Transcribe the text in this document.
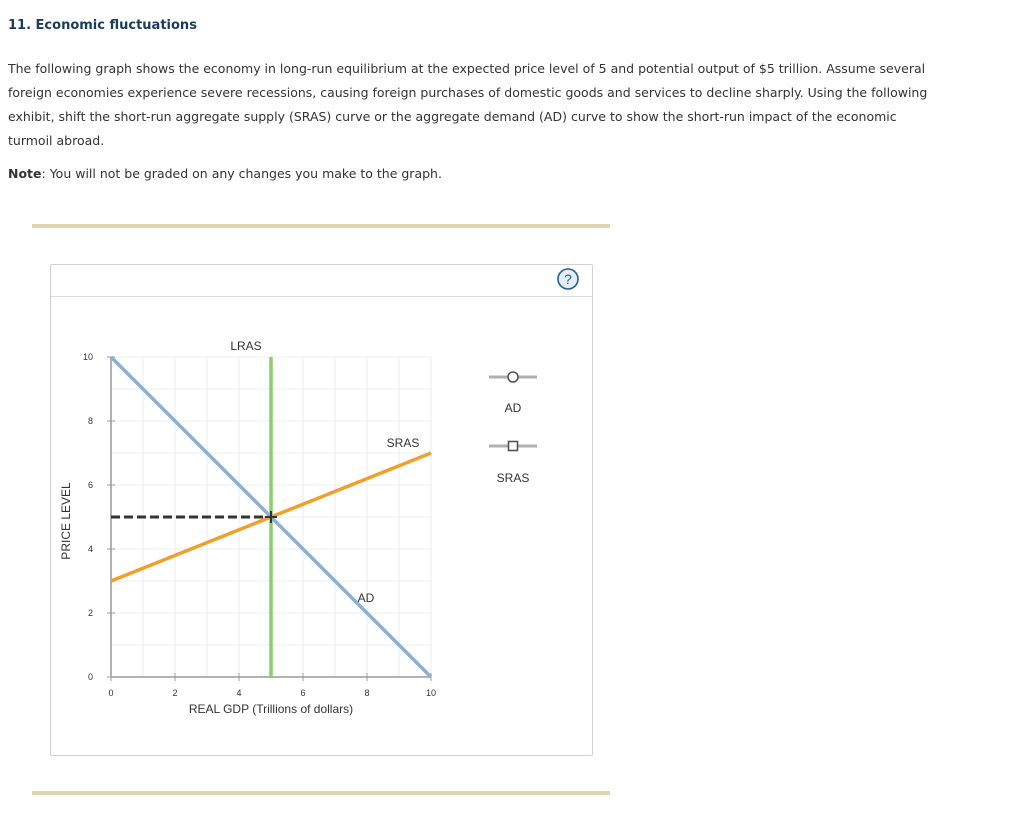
11. Economic fluctuations
The following graph shows the economy in long-run equilibrium at the expected price level of 5 and potential output of $5 trillion. Assume several foreign economies experience severe recessions, causing foreign purchases of domestic goods and services to decline sharply. Using the following exhibit, shift the short-run aggregate supply (SRAS) curve or the aggregate demand (AD) curve to show the short-run impact of the economic turmoil abroad.
Note: You will not be graded on any changes you make to the graph.
?
0	2	4	6	8	10
0
2
4
6
8
10
REAL GDP (Trillions of dollars)
PRICE LEVEL
LRAS
SRAS
AD
AD
SRAS
